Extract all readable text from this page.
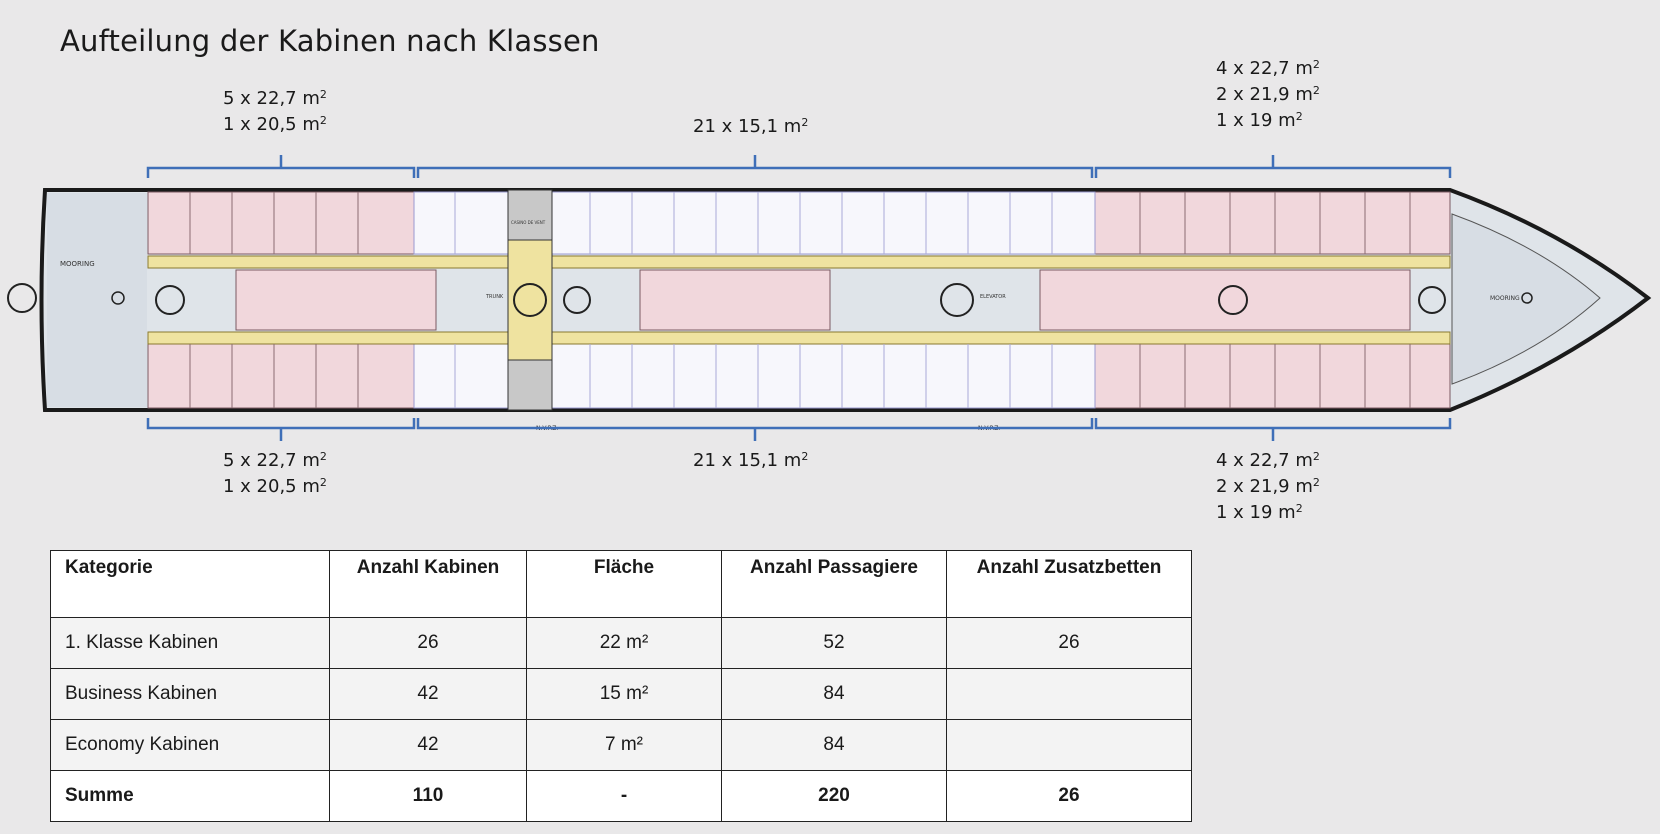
Aufteilung der Kabinen nach Klassen
MOORING
MOORING
TRUNK	ELEVATOR
CASINO DE VENT
N.V.P.Z.	N.V.P.Z.
5 x 22,7 $m^2$
1 x 20,5 $m^2$	21 x 15,1 $m^2$
4 x 22,7 $m^2$
2 x 21,9 $m^2$
1 x 19 $m^2$
5 x 22,7 $m^2$
1 x 20,5 $m^2$
21 x 15,1 $m^2$	4 x 22,7 $m^2$
2 x 21,9 $m^2$
1 x 19 $m^2$
Kategorie	Anzahl Kabinen	Fläche	Anzahl Passagiere	Anzahl Zusatzbetten
1. Klasse Kabinen	26	22 m²	52	26
Business Kabinen	42	15 m²	84	
Economy Kabinen	42	7 m²	84	
Summe	110	-	220	26
